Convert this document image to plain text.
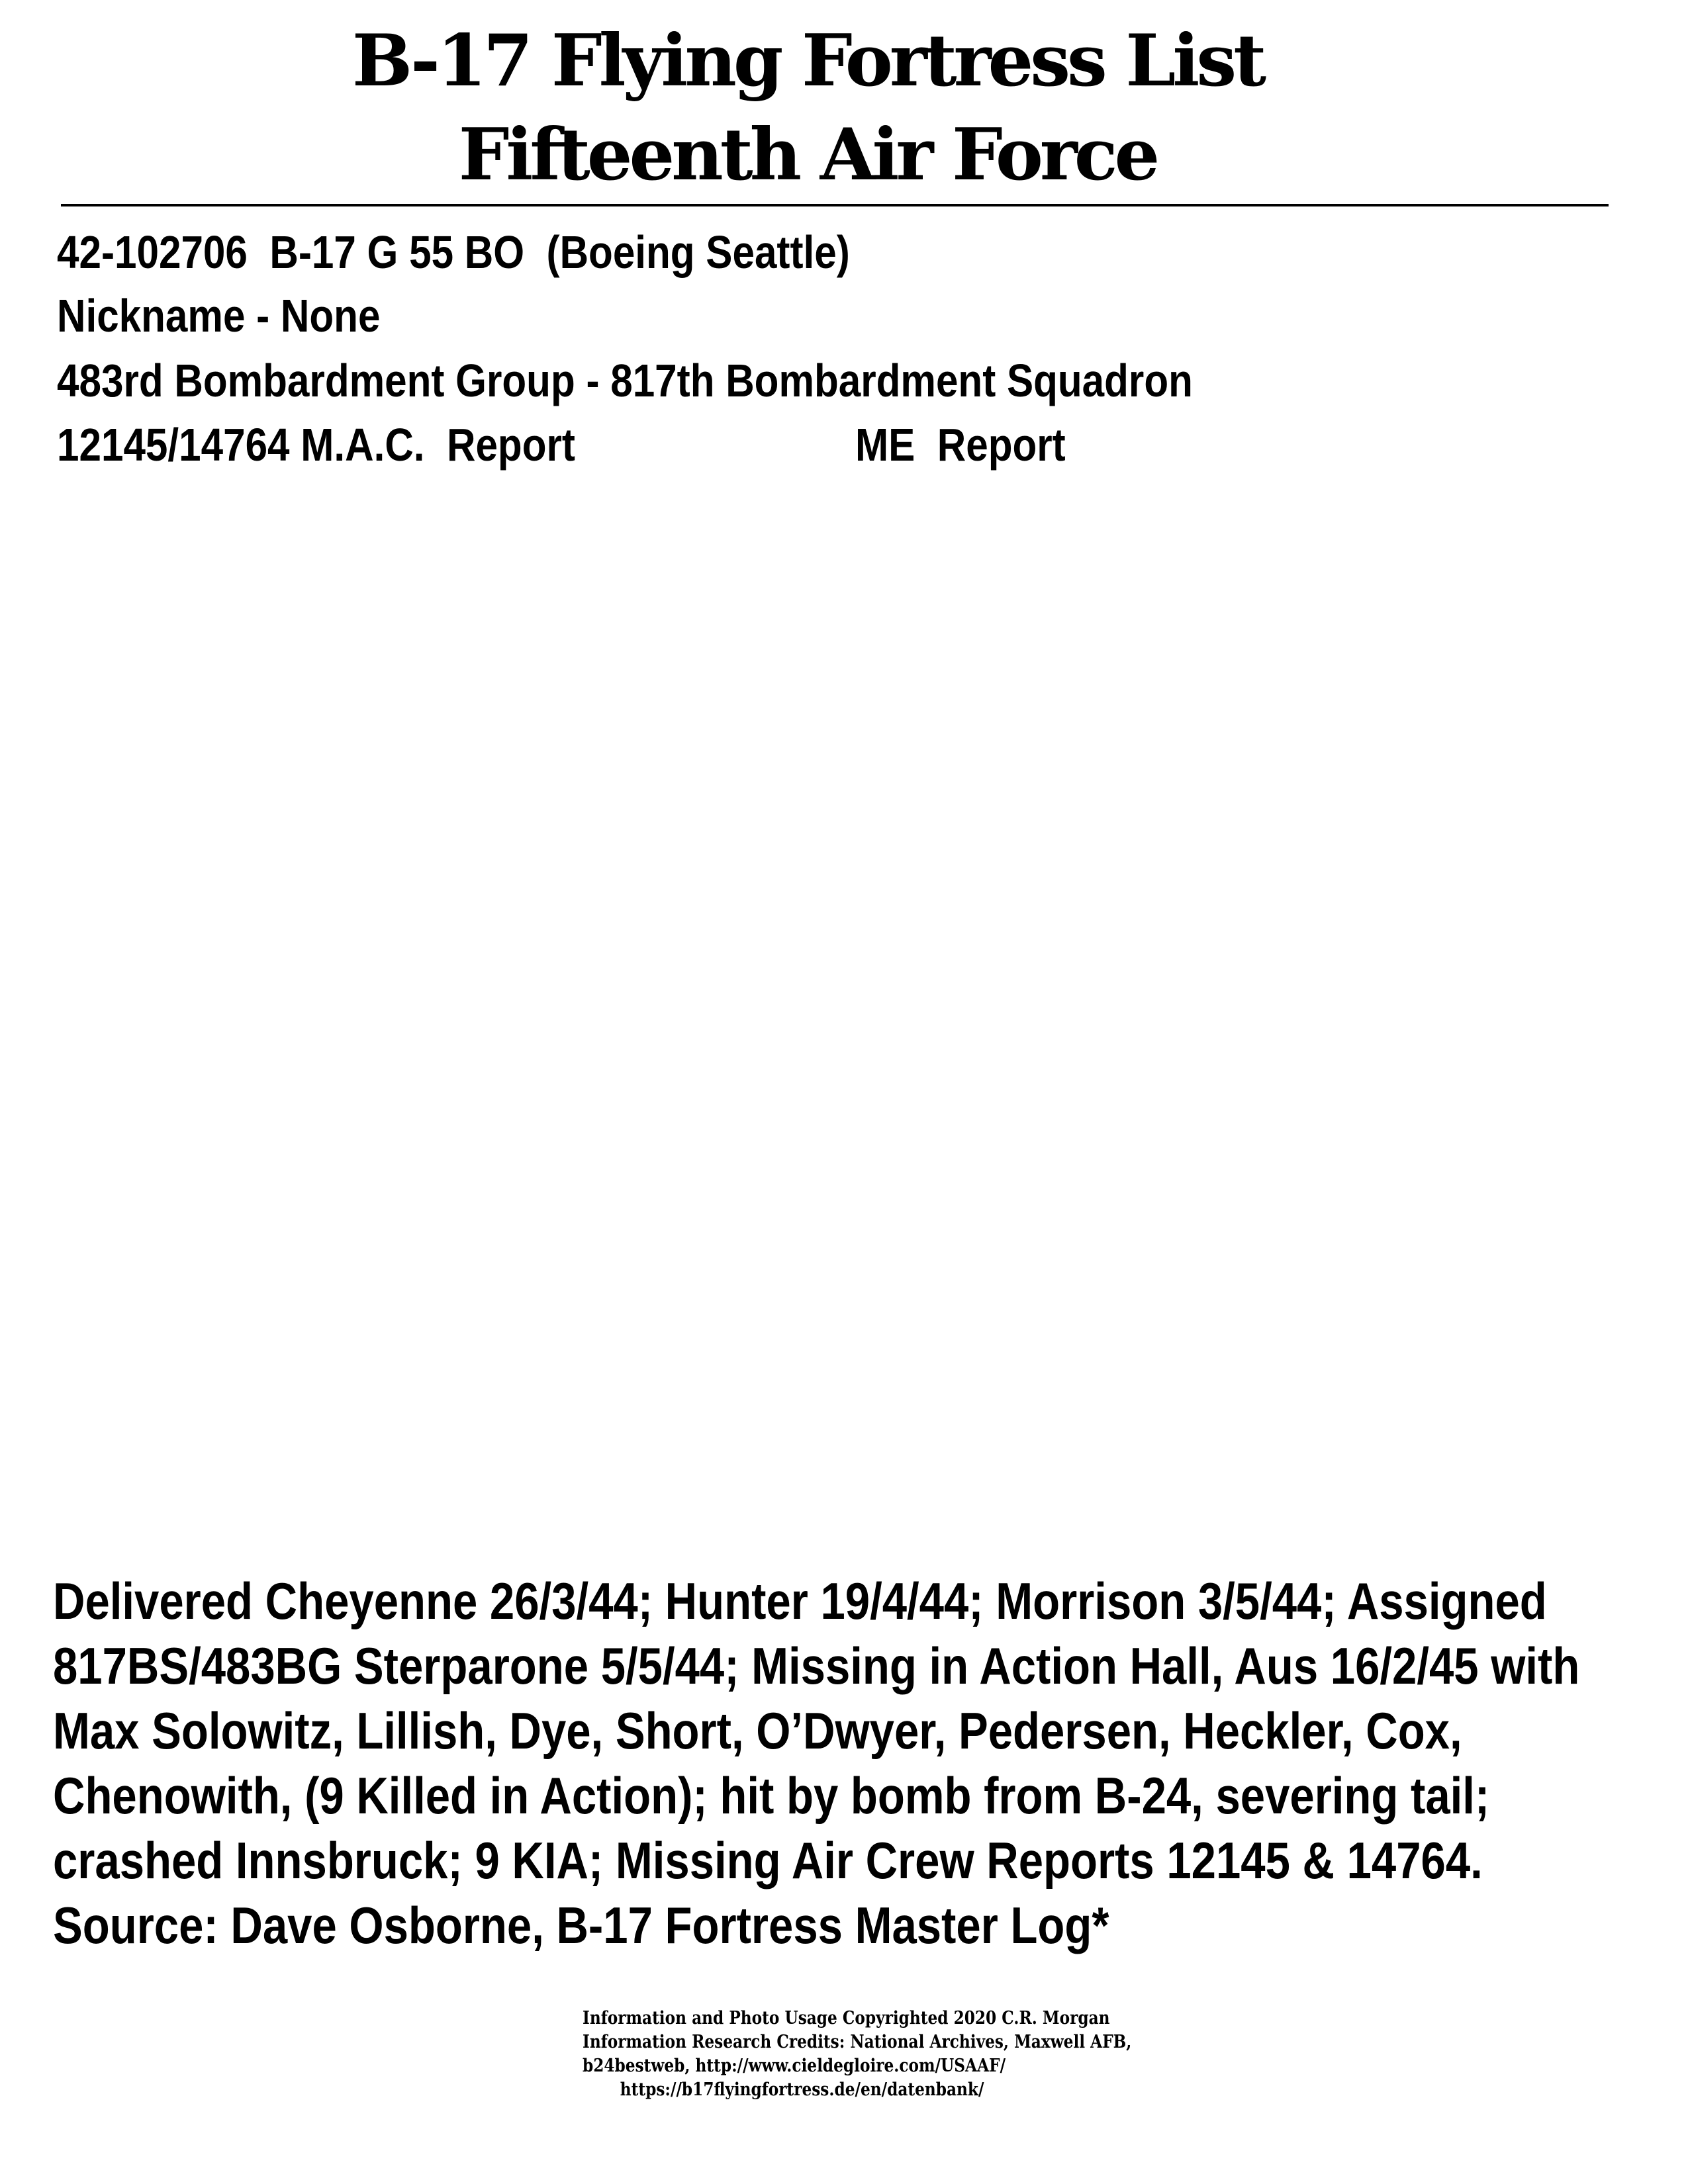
B-17 Flying Fortress List
Fifteenth Air Force
42-102706  B-17 G 55 BO  (Boeing Seattle)
Nickname - None
483rd Bombardment Group - 817th Bombardment Squadron
12145/14764 M.A.C.  Report	ME  Report
Delivered Cheyenne 26/3/44; Hunter 19/4/44; Morrison 3/5/44; Assigned
817BS/483BG Sterparone 5/5/44; Missing in Action Hall, Aus 16/2/45 with
Max Solowitz, Lillish, Dye, Short, O’Dwyer, Pedersen, Heckler, Cox,
Chenowith, (9 Killed in Action); hit by bomb from B-24, severing tail;
crashed Innsbruck; 9 KIA; Missing Air Crew Reports 12145 & 14764.
Source: Dave Osborne, B-17 Fortress Master Log*
Information and Photo Usage Copyrighted 2020 C.R. Morgan
Information Research Credits: National Archives, Maxwell AFB,
b24bestweb, http://www.cieldegloire.com/USAAF/
https://b17flyingfortress.de/en/datenbank/
